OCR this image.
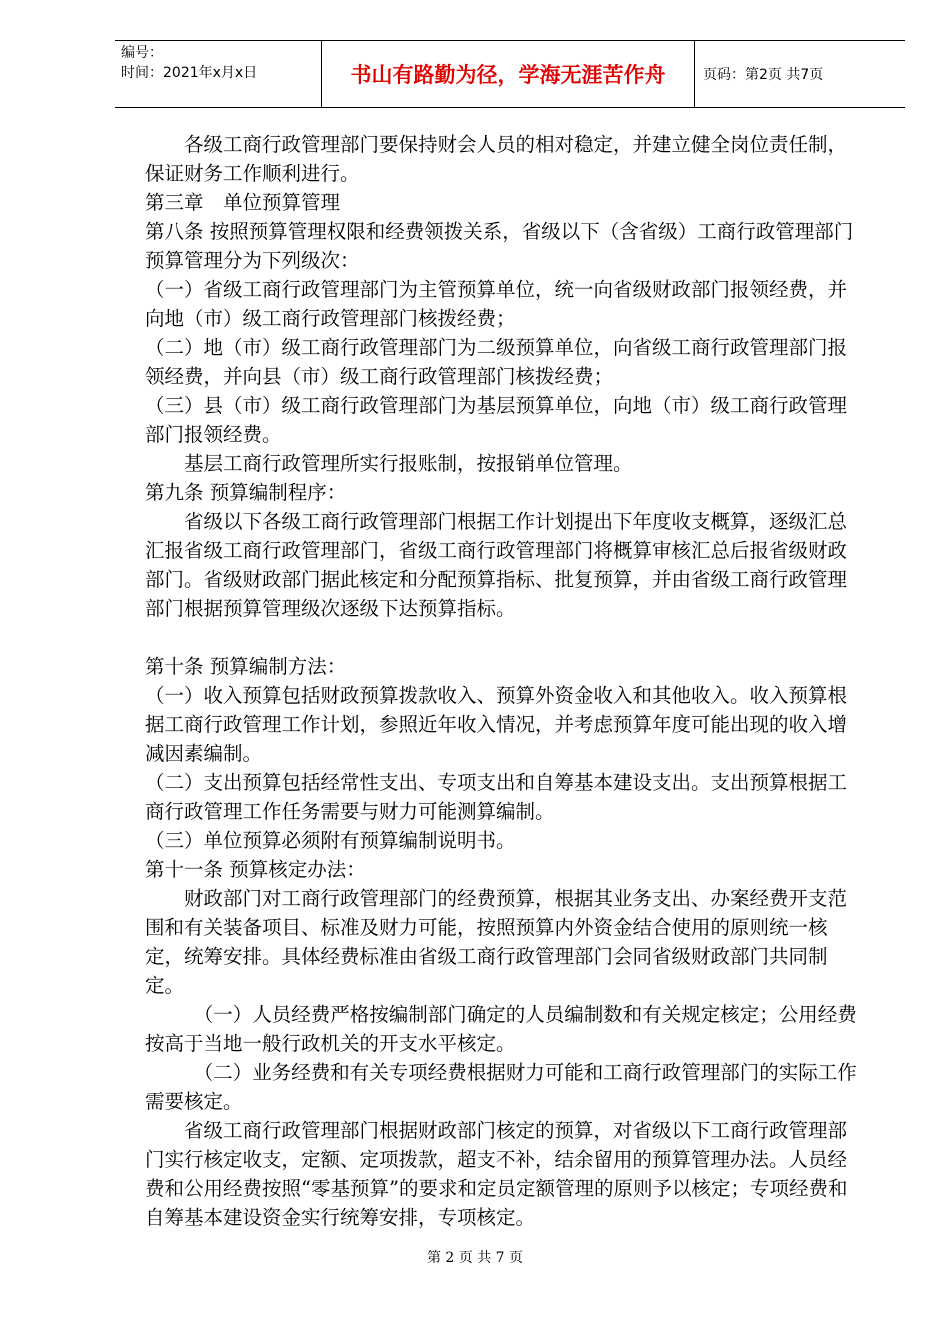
编号：
时间：2021年x月x日	书山有路勤为径，学海无涯苦作舟	页码：第2页 共7页

各级工商行政管理部门要保持财会人员的相对稳定，并建立健全岗位责任制，保证财务工作顺利进行。

第三章　单位预算管理

第八条 按照预算管理权限和经费领拨关系，省级以下（含省级）工商行政管理部门预算管理分为下列级次：

（一）省级工商行政管理部门为主管预算单位，统一向省级财政部门报领经费，并向地（市）级工商行政管理部门核拨经费；

（二）地（市）级工商行政管理部门为二级预算单位，向省级工商行政管理部门报领经费，并向县（市）级工商行政管理部门核拨经费；

（三）县（市）级工商行政管理部门为基层预算单位，向地（市）级工商行政管理部门报领经费。

基层工商行政管理所实行报账制，按报销单位管理。

第九条 预算编制程序：

省级以下各级工商行政管理部门根据工作计划提出下年度收支概算，逐级汇总汇报省级工商行政管理部门，省级工商行政管理部门将概算审核汇总后报省级财政部门。省级财政部门据此核定和分配预算指标、批复预算，并由省级工商行政管理部门根据预算管理级次逐级下达预算指标。

第十条 预算编制方法：

（一）收入预算包括财政预算拨款收入、预算外资金收入和其他收入。收入预算根据工商行政管理工作计划，参照近年收入情况，并考虑预算年度可能出现的收入增减因素编制。

（二）支出预算包括经常性支出、专项支出和自筹基本建设支出。支出预算根据工商行政管理工作任务需要与财力可能测算编制。

（三）单位预算必须附有预算编制说明书。

第十一条 预算核定办法：

财政部门对工商行政管理部门的经费预算，根据其业务支出、办案经费开支范围和有关装备项目、标准及财力可能，按照预算内外资金结合使用的原则统一核定，统筹安排。具体经费标准由省级工商行政管理部门会同省级财政部门共同制定。

（一）人员经费严格按编制部门确定的人员编制数和有关规定核定；公用经费按高于当地一般行政机关的开支水平核定。

（二）业务经费和有关专项经费根据财力可能和工商行政管理部门的实际工作需要核定。

省级工商行政管理部门根据财政部门核定的预算，对省级以下工商行政管理部门实行核定收支，定额、定项拨款，超支不补，结余留用的预算管理办法。人员经费和公用经费按照“零基预算”的要求和定员定额管理的原则予以核定；专项经费和自筹基本建设资金实行统筹安排，专项核定。

第 2 页 共 7 页
